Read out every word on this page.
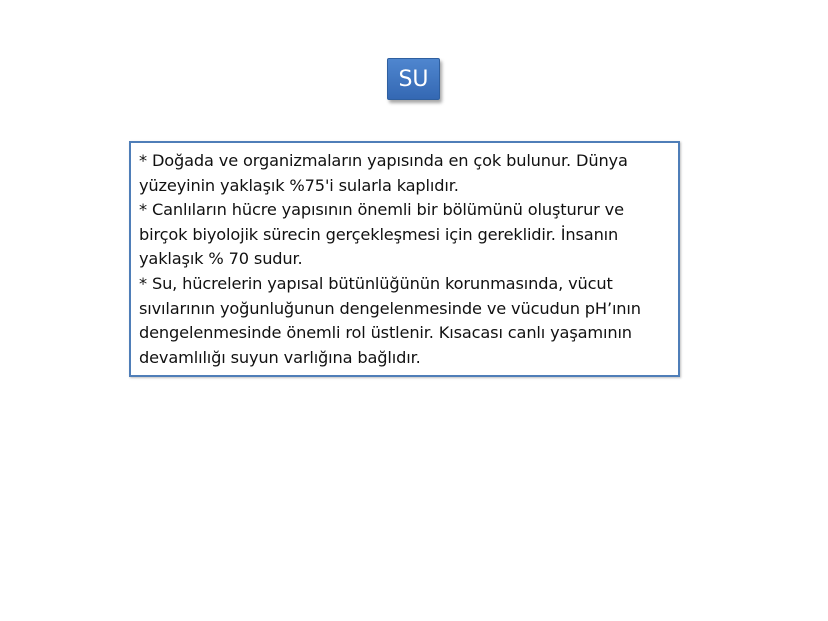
SU
* Doğada ve organizmaların yapısında en çok bulunur. Dünya
yüzeyinin yaklaşık %75'i sularla kaplıdır.
* Canlıların hücre yapısının önemli bir bölümünü oluşturur ve
birçok biyolojik sürecin gerçekleşmesi için gereklidir. İnsanın
yaklaşık % 70 sudur.
* Su, hücrelerin yapısal bütünlüğünün korunmasında, vücut
sıvılarının yoğunluğunun dengelenmesinde ve vücudun pH’ının
dengelenmesinde önemli rol üstlenir. Kısacası canlı yaşamının
devamlılığı suyun varlığına bağlıdır.
